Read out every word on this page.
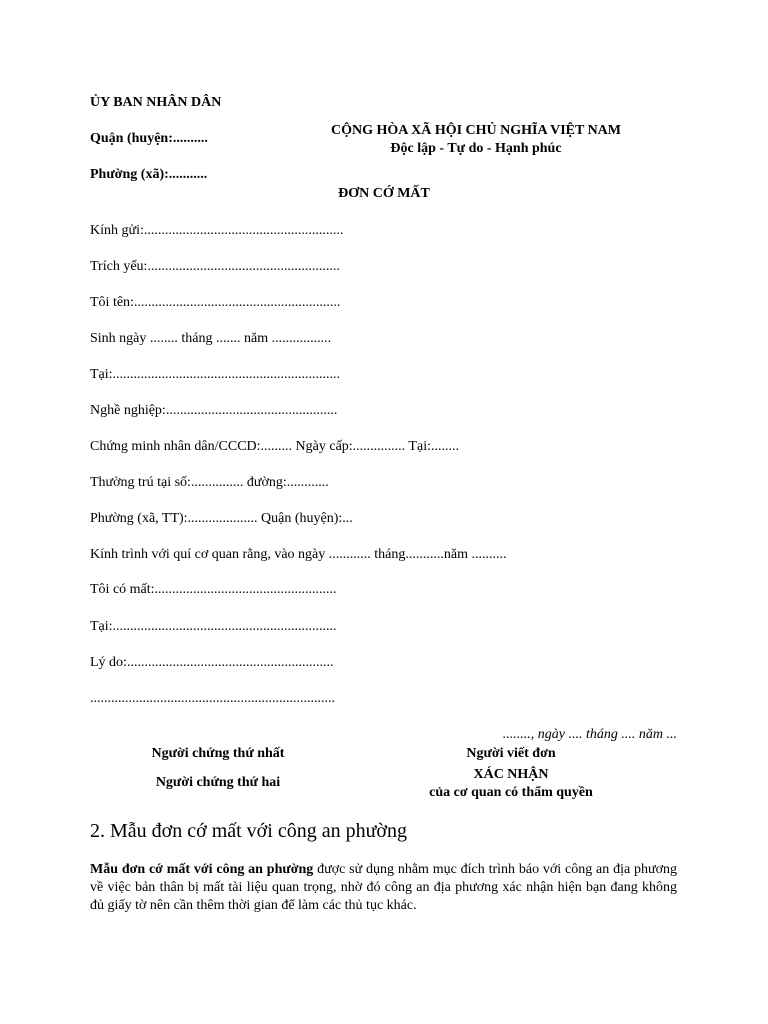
ỦY BAN NHÂN DÂN
Quận (huyện:..........
Phường (xã):...........
CỘNG HÒA XÃ HỘI CHỦ NGHĨA VIỆT NAM
Độc lập - Tự do - Hạnh phúc
ĐƠN CỚ MẤT
Kính gửi:.........................................................
Trích yếu:.......................................................
Tôi tên:...........................................................
Sinh ngày ........ tháng ....... năm .................
Tại:.................................................................
Nghề nghiệp:.................................................
Chứng minh nhân dân/CCCD:......... Ngày cấp:............... Tại:........
Thường trú tại số:............... đường:............
Phường (xã, TT):.................... Quận (huyện):...
Kính trình với quí cơ quan rằng, vào ngày ............ tháng...........năm ..........
Tôi có mất:....................................................
Tại:................................................................
Lý do:...........................................................
......................................................................
........, ngày .... tháng .... năm ...
Người chứng thứ nhất	Người viết đơn
XÁC NHẬN
Người chứng thứ hai
của cơ quan có thẩm quyền
2. Mẫu đơn cớ mất với công an phường

Mẫu đơn cớ mất với công an phường được sử dụng nhằm mục đích trình báo với công an địa phương về việc bản thân bị mất tài liệu quan trọng, nhờ đó công an địa phương xác nhận hiện bạn đang không đủ giấy tờ nên cần thêm thời gian để làm các thủ tục khác.
